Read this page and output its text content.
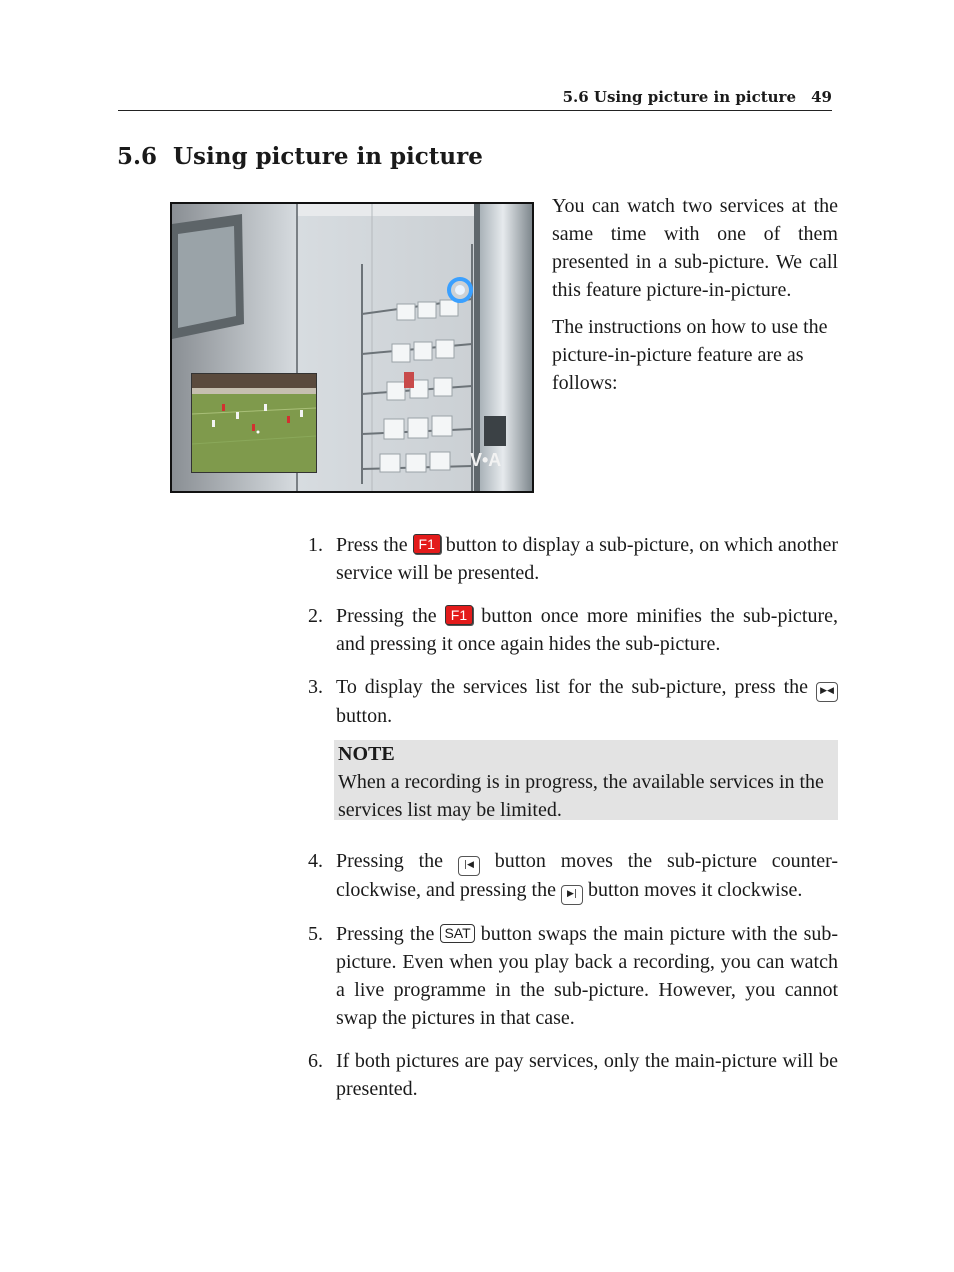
5.6 Using picture in picture 49
5.6 Using picture in picture
V•A

You can watch two services at the same time with one of them presented in a sub-picture. We call this feature picture-in-picture.

The instructions on how to use the picture-in-picture feature are as follows:

1. Press the F1 button to display a sub-picture, on which another service will be presented.
2. Pressing the F1 button once more minifies the sub-picture, and pressing it once again hides the sub-picture.
3. To display the services list for the sub-picture, press the ▶◀ button.
NOTE
When a recording is in progress, the available services in the services list may be limited.
4. Pressing the |◀ button moves the sub-picture counter-clockwise, and pressing the ▶| button moves it clockwise.
5. Pressing the SAT button swaps the main picture with the sub-picture. Even when you play back a recording, you can watch a live programme in the sub-picture. However, you cannot swap the pictures in that case.
6. If both pictures are pay services, only the main-picture will be presented.
